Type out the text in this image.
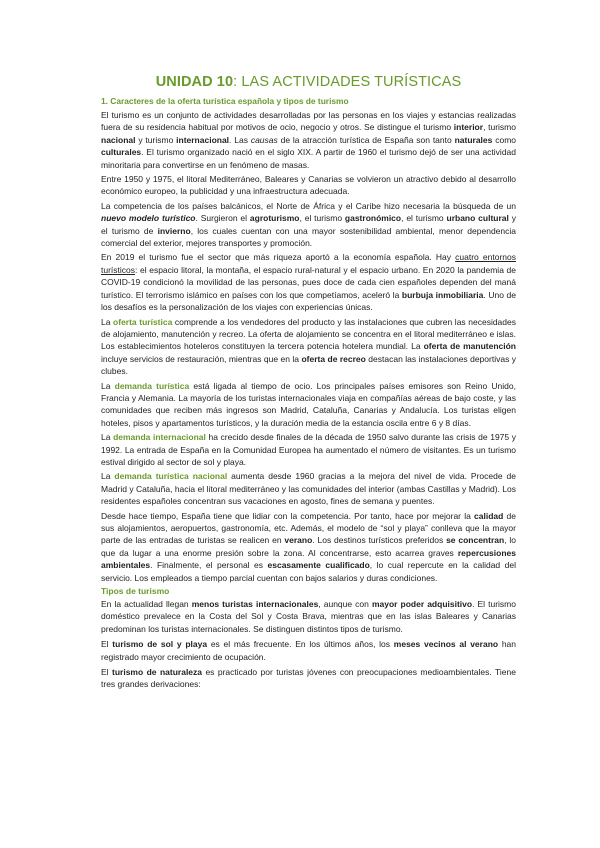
UNIDAD 10: LAS ACTIVIDADES TURÍSTICAS
1. Caracteres de la oferta turística española y tipos de turismo

El turismo es un conjunto de actividades desarrolladas por las personas en los viajes y estancias realizadas fuera de su residencia habitual por motivos de ocio, negocio y otros. Se distingue el turismo interior, turismo nacional y turismo internacional. Las causas de la atracción turística de España son tanto naturales como culturales. El turismo organizado nació en el siglo XIX. A partir de 1960 el turismo dejó de ser una actividad minoritaria para convertirse en un fenómeno de masas.

Entre 1950 y 1975, el litoral Mediterráneo, Baleares y Canarias se volvieron un atractivo debido al desarrollo económico europeo, la publicidad y una infraestructura adecuada.

La competencia de los países balcánicos, el Norte de África y el Caribe hizo necesaria la búsqueda de un nuevo modelo turístico. Surgieron el agroturismo, el turismo gastronómico, el turismo urbano cultural y el turismo de invierno, los cuales cuentan con una mayor sostenibilidad ambiental, menor dependencia comercial del exterior, mejores transportes y promoción.

En 2019 el turismo fue el sector que más riqueza aportó a la economía española. Hay cuatro entornos turísticos: el espacio litoral, la montaña, el espacio rural-natural y el espacio urbano. En 2020 la pandemia de COVID-19 condicionó la movilidad de las personas, pues doce de cada cien españoles dependen del maná turístico. El terrorismo islámico en países con los que competíamos, aceleró la burbuja inmobiliaria. Uno de los desafíos es la personalización de los viajes con experiencias únicas.

La oferta turística comprende a los vendedores del producto y las instalaciones que cubren las necesidades de alojamiento, manutención y recreo. La oferta de alojamiento se concentra en el litoral mediterráneo e islas. Los establecimientos hoteleros constituyen la tercera potencia hotelera mundial. La oferta de manutención incluye servicios de restauración, mientras que en la oferta de recreo destacan las instalaciones deportivas y clubes.

La demanda turística está ligada al tiempo de ocio. Los principales países emisores son Reino Unido, Francia y Alemania. La mayoría de los turistas internacionales viaja en compañías aéreas de bajo coste, y las comunidades que reciben más ingresos son Madrid, Cataluña, Canarias y Andalucía. Los turistas eligen hoteles, pisos y apartamentos turísticos, y la duración media de la estancia oscila entre 6 y 8 días.

La demanda internacional ha crecido desde finales de la década de 1950 salvo durante las crisis de 1975 y 1992. La entrada de España en la Comunidad Europea ha aumentado el número de visitantes. Es un turismo estival dirigido al sector de sol y playa.

La demanda turística nacional aumenta desde 1960 gracias a la mejora del nivel de vida. Procede de Madrid y Cataluña, hacia el litoral mediterráneo y las comunidades del interior (ambas Castillas y Madrid). Los residentes españoles concentran sus vacaciones en agosto, fines de semana y puentes.

Desde hace tiempo, España tiene que lidiar con la competencia. Por tanto, hace por mejorar la calidad de sus alojamientos, aeropuertos, gastronomía, etc. Además, el modelo de “sol y playa” conlleva que la mayor parte de las entradas de turistas se realicen en verano. Los destinos turísticos preferidos se concentran, lo que da lugar a una enorme presión sobre la zona. Al concentrarse, esto acarrea graves repercusiones ambientales. Finalmente, el personal es escasamente cualificado, lo cual repercute en la calidad del servicio. Los empleados a tiempo parcial cuentan con bajos salarios y duras condiciones.

Tipos de turismo

En la actualidad llegan menos turistas internacionales, aunque con mayor poder adquisitivo. El turismo doméstico prevalece en la Costa del Sol y Costa Brava, mientras que en las islas Baleares y Canarias predominan los turistas internacionales. Se distinguen distintos tipos de turismo.

El turismo de sol y playa es el más frecuente. En los últimos años, los meses vecinos al verano han registrado mayor crecimiento de ocupación.

El turismo de naturaleza es practicado por turistas jóvenes con preocupaciones medioambientales. Tiene tres grandes derivaciones:
